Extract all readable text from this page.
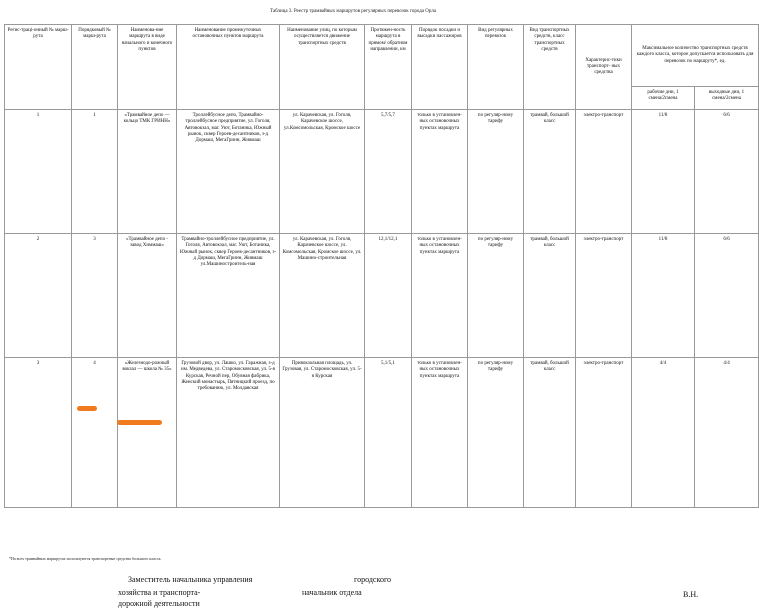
Таблица 3. Реестр трамвайных маршрутов регулярных перевозок города Орла
Регис-трацi-онный № марш-рута	Порядковый № марш-рута	Наименова-ние маршрута в виде начального и конечного пунктов	Наименование промежуточных остановочных пунктов маршрута	Наименование улиц, по которым осуществляется движение транспортных средств	Протяжен-ность маршрута в прямом/ обратном направлении, км	Порядок посадки и высадки пассажиров	Вид регулярных перевозок	Вид транспортных средств, класс транспортных средств	Характерис-тики транспорт- ных средства	Максимальное количество транспортных средств каждого класса, которое допускается использовать для перевозок по маршруту*, ед.	
										рабочие дни, 1 смена/2смена	выходные дни, 1 смена/2смена
1	1	«Трамвайное депо — кольцо ТМК ГРИНН»	Троллейбусное депо, Трамвайно-троллейбусное предприятие, ул. Гоголя, Автовокзал, маг. Уют, Ботаника, Южный рынок, сквер Героев-десантников, з-д Дормаш, МегаГринн, Живмаш	ул. Карачевская, ул. Гоголя, Карачевское шоссе, ул.Комсомольская, Кромское шоссе	5,7/5,7	только в установлен-ных остановочных пунктах маршрута	по регуляр-ному тарифу	трамвай, большой класс	электро-транспорт	11/8	6/6
2	3	«Трамвайное депо - завод Химмаш»	Трамвайно-троллейбусное предприятие, ул. Гоголя, Автовокзал, маг. Уют, Ботаника, Южный рынок, сквер Героев-десантников, з-д Дормаш, МегаГринн, Живмаш ул.Машиностроитель-ная	ул. Карачевская, ул. Гоголя, Карачевское шоссе, ул. Комсомольская, Кромское шоссе, ул. Машино-строительная	12,1/12,1	только в установлен-ных остановочных пунктах маршрута	по регуляр-ному тарифу	трамвай, большой класс	электро-транспорт	11/8	6/6
3	4	«Железнодо-рожный вокзал — школа № 35»	Грузовой двор, ул. Лашко, ул. Гаражная, з-д им. Медведева, ул. Старомосковская, ул. 5-я Курская, Речной пер, Обувная фабрика, Женский монастырь, Пятницкий проезд, по требованию, ул. Молдавская	Привокзальная площадь, ул. Грузовая, ул. Старомосковская, ул. 5-я Курская	5,1/5,1	только в установлен-ных остановочных пунктах маршрута	по регуляр-ному тарифу	трамвай, большой класс	электро-транспорт	4/4	4/4
*На всех трамвайных маршрутах используются транспортные средства большого класса.
Заместитель начальника управления
хозяйства и транспорта-
дорожной деятельности
городского
начальник отдела	В.Н.
